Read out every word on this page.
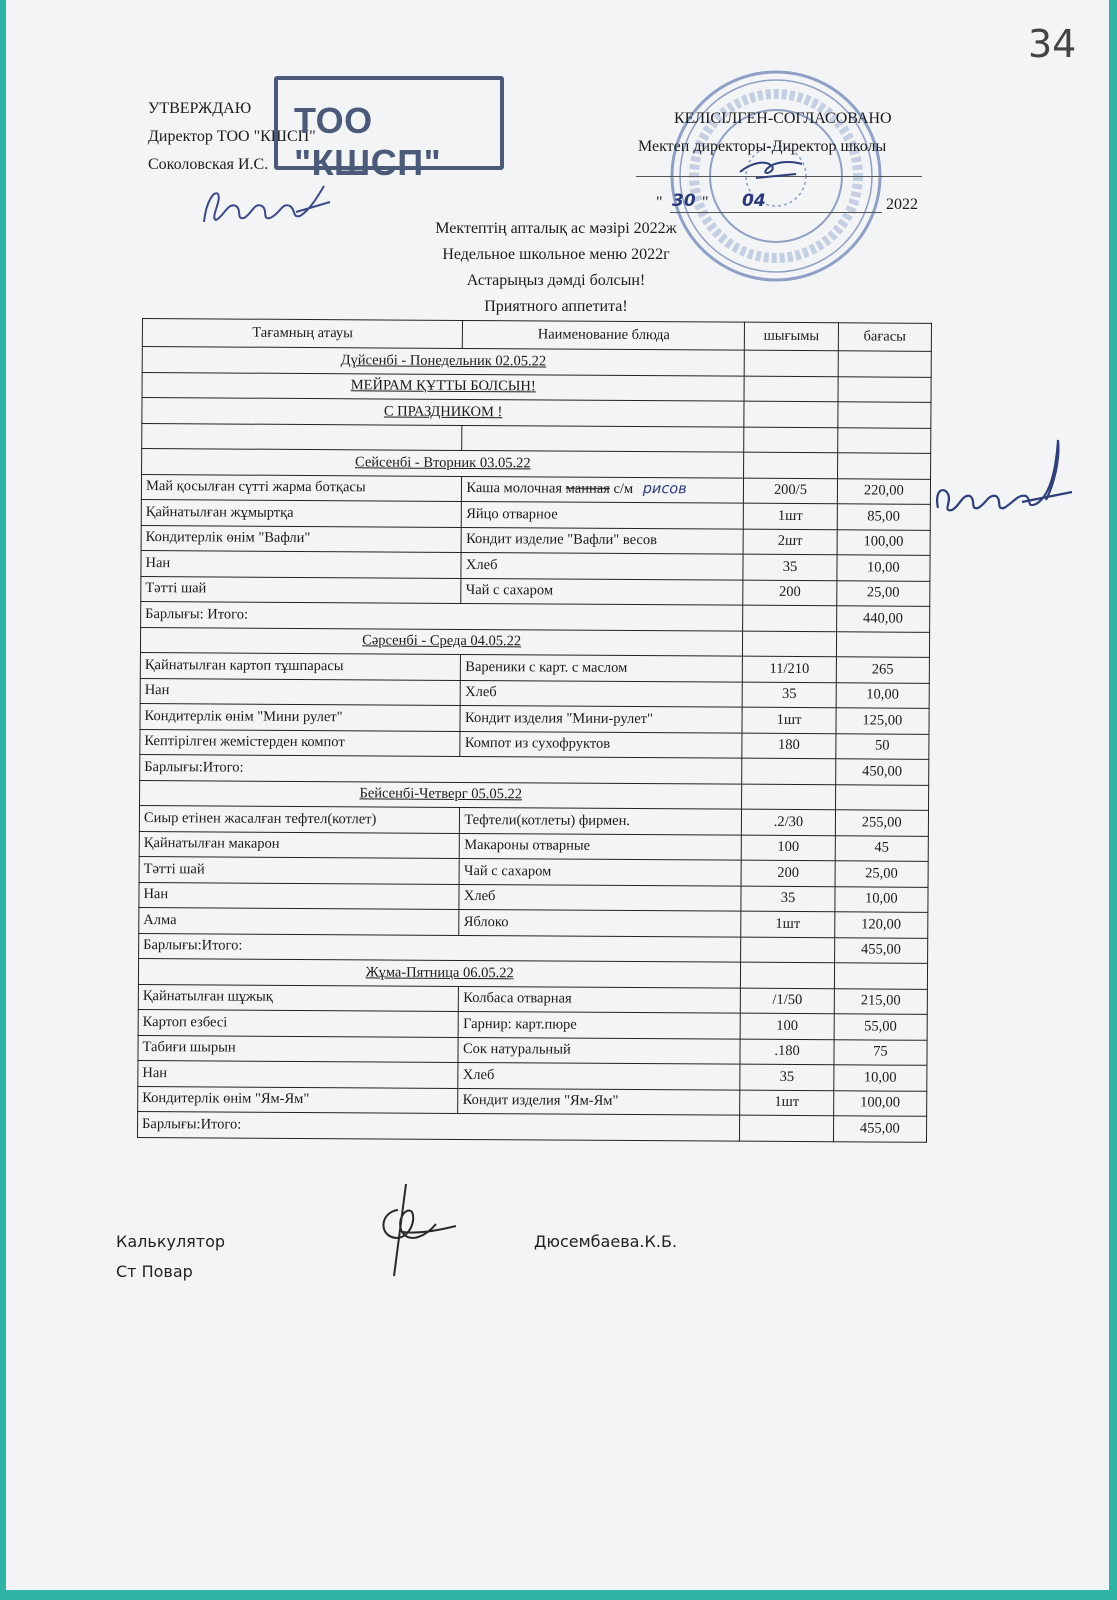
34
УТВЕРЖДАЮ
Директор ТОО "КШСП"
Соколовская И.С.
ТОО "КШСП"
КЕЛІСІЛГЕН-СОГЛАСОВАНО
Мектеп директоры-Директор школы
" 30 " 04	2022
Мектептің апталық ас мәзірі 2022ж
Недельное школьное меню 2022г
Астарыңыз дәмді болсын!
Приятного аппетита!
Тағамның атауы	Наименование блюда	шығымы	бағасы
Дүйсенбі - Понедельник 02.05.22			
МЕЙРАМ ҚҰТТЫ БОЛСЫН!			
С ПРАЗДНИКОМ !			

Сейсенбі - Вторник 03.05.22			
Май қосылған сүтті жарма ботқасы	Каша молочная манная с/м рисов	200/5	220,00
Қайнатылған жұмыртқа	Яйцо отварное	1шт	85,00
Кондитерлік өнім "Вафли"	Кондит изделие "Вафли" весов	2шт	100,00
Нан	Хлеб	35	10,00
Тәтті шай	Чай с сахаром	200	25,00
Барлығы: Итого:			440,00
Сәрсенбі - Среда 04.05.22			
Қайнатылған картоп тұшпарасы	Вареники с карт. с маслом	11/210	265
Нан	Хлеб	35	10,00
Кондитерлік өнім "Мини рулет"	Кондит изделия "Мини-рулет"	1шт	125,00
Кептірілген жемістерден компот	Компот из сухофруктов	180	50
Барлығы:Итого:			450,00
Бейсенбі-Четверг 05.05.22			
Сиыр етінен жасалған тефтел(котлет)	Тефтели(котлеты) фирмен.	.2/30	255,00
Қайнатылған макарон	Макароны отварные	100	45
Тәтті шай	Чай с сахаром	200	25,00
Нан	Хлеб	35	10,00
Алма	Яблоко	1шт	120,00
Барлығы:Итого:			455,00
Жұма-Пятница 06.05.22			
Қайнатылған шұжық	Колбаса отварная	/1/50	215,00
Картоп езбесі	Гарнир: карт.пюре	100	55,00
Табиғи шырын	Сок натуральный	.180	75
Нан	Хлеб	35	10,00
Кондитерлік өнім "Ям-Ям"	Кондит изделия "Ям-Ям"	1шт	100,00
Барлығы:Итого:			455,00
Калькулятор
Ст Повар
Дюсембаева.К.Б.
